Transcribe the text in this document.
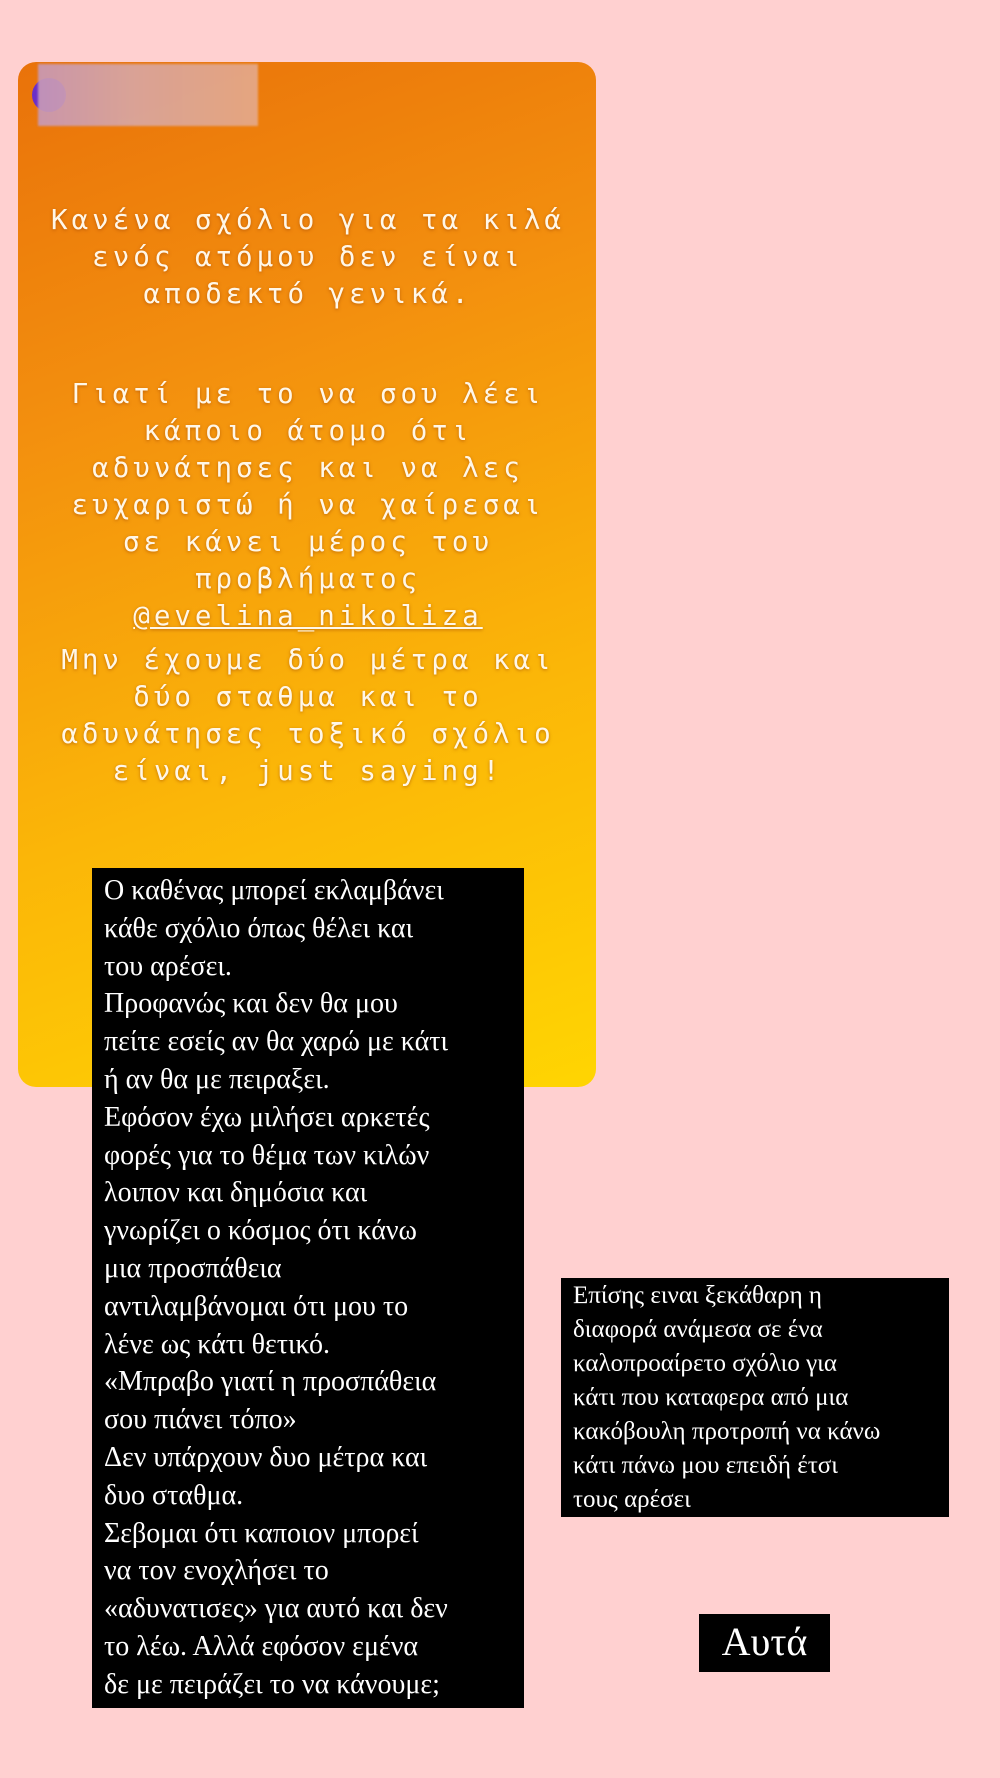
Κανένα σχόλιο για τα κιλά
ενός ατόμου δεν είναι
αποδεκτό γενικά.
Γιατί με το να σου λέει
κάποιο άτομο ότι
αδυνάτησες και να λες
ευχαριστώ ή να χαίρεσαι
σε κάνει μέρος του
προβλήματος
@evelina_nikoliza
Μην έχουμε δύο μέτρα και
δύο σταθμα και το
αδυνάτησες τοξικό σχόλιο
είναι, just saying!
Ο καθένας μπορεί εκλαμβάνει
κάθε σχόλιο όπως θέλει και
του αρέσει.
Προφανώς και δεν θα μου
πείτε εσείς αν θα χαρώ με κάτι
ή αν θα με πειραξει.
Εφόσον έχω μιλήσει αρκετές
φορές για το θέμα των κιλών
λοιπον και δημόσια και
γνωρίζει ο κόσμος ότι κάνω
μια προσπάθεια
αντιλαμβάνομαι ότι μου το
λένε ως κάτι θετικό.
«Μπραβο γιατί η προσπάθεια
σου πιάνει τόπο»
Δεν υπάρχουν δυο μέτρα και
δυο σταθμα.
Σεβομαι ότι καποιον μπορεί
να τον ενοχλήσει το
«αδυνατισες» για αυτό και δεν
το λέω. Αλλά εφόσον εμένα
δε με πειράζει το να κάνουμε;
Επίσης ειναι ξεκάθαρη η
διαφορά ανάμεσα σε ένα
καλοπροαίρετο σχόλιο για
κάτι που καταφερα από μια
κακόβουλη προτροπή να κάνω
κάτι πάνω μου επειδή έτσι
τους αρέσει
Αυτά
